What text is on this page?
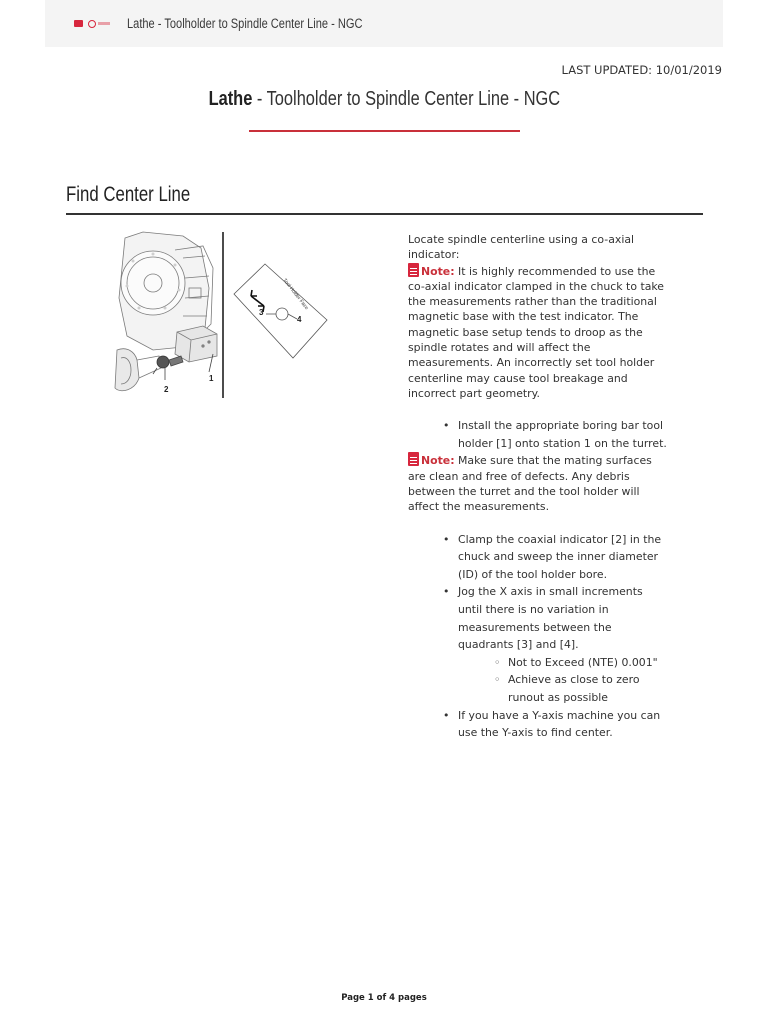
Lathe - Toolholder to Spindle Center Line - NGC
LAST UPDATED: 10/01/2019
Lathe - Toolholder to Spindle Center Line - NGC
Find Center Line
1
2
3
4
Tool Holder Face

Locate spindle centerline using a co-axial indicator:

Note: It is highly recommended to use the co-axial indicator clamped in the chuck to take the measurements rather than the traditional magnetic base with the test indicator. The magnetic base setup tends to droop as the spindle rotates and will affect the measurements. An incorrectly set tool holder centerline may cause tool breakage and incorrect part geometry.

• Install the appropriate boring bar tool holder [1] onto station 1 on the turret.

Note: Make sure that the mating surfaces are clean and free of defects. Any debris between the turret and the tool holder will affect the measurements.

• Clamp the coaxial indicator [2] in the chuck and sweep the inner diameter (ID) of the tool holder bore.
• Jog the X axis in small increments until there is no variation in measurements between the quadrants [3] and [4].
◦ Not to Exceed (NTE) 0.001"
◦ Achieve as close to zero runout as possible
• If you have a Y-axis machine you can use the Y-axis to find center.
Page 1 of 4 pages
